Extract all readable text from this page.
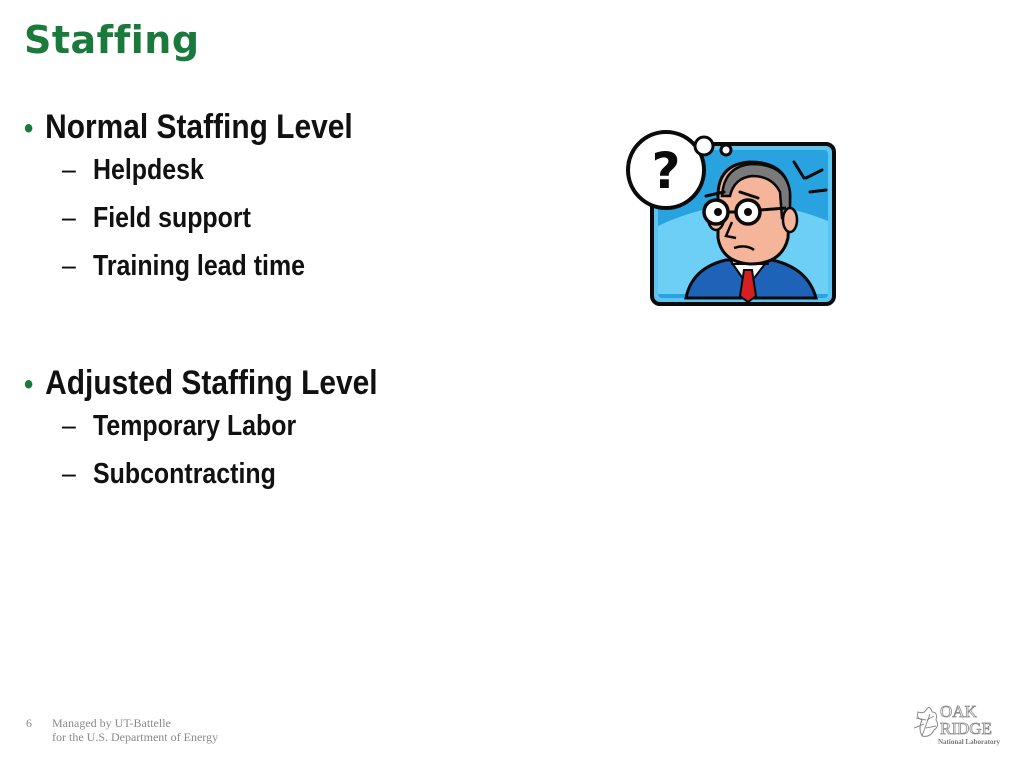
Staffing
• Normal Staffing Level
– Helpdesk
– Field support
– Training lead time
• Adjusted Staffing Level
– Temporary Labor
– Subcontracting
?
6	Managed by UT-Battelle
for the U.S. Department of Energy
OAK
RIDGE
National Laboratory
